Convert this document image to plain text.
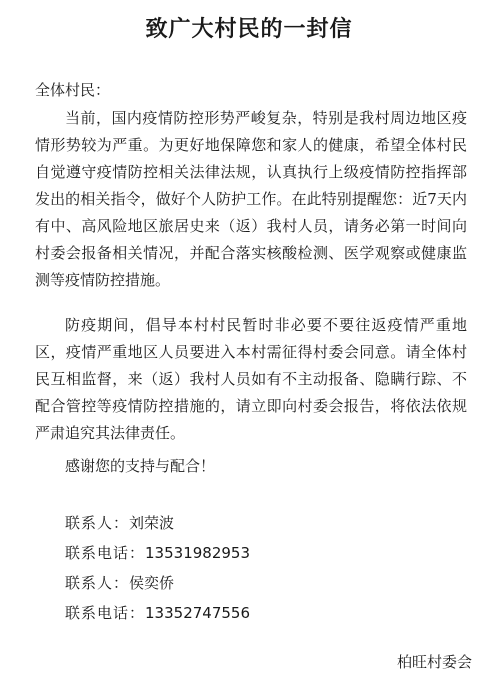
致广大村民的一封信

全体村民：

当前，国内疫情防控形势严峻复杂，特别是我村周边地区疫情形势较为严重。为更好地保障您和家人的健康，希望全体村民自觉遵守疫情防控相关法律法规，认真执行上级疫情防控指挥部发出的相关指令，做好个人防护工作。在此特别提醒您：近7天内有中、高风险地区旅居史来（返）我村人员，请务必第一时间向村委会报备相关情况，并配合落实核酸检测、医学观察或健康监测等疫情防控措施。

防疫期间，倡导本村村民暂时非必要不要往返疫情严重地区，疫情严重地区人员要进入本村需征得村委会同意。请全体村民互相监督，来（返）我村人员如有不主动报备、隐瞒行踪、不配合管控等疫情防控措施的，请立即向村委会报告，将依法依规严肃追究其法律责任。

感谢您的支持与配合！

联系人：刘荣波
联系电话：13531982953
联系人：侯奕侨
联系电话：13352747556

柏旺村委会
